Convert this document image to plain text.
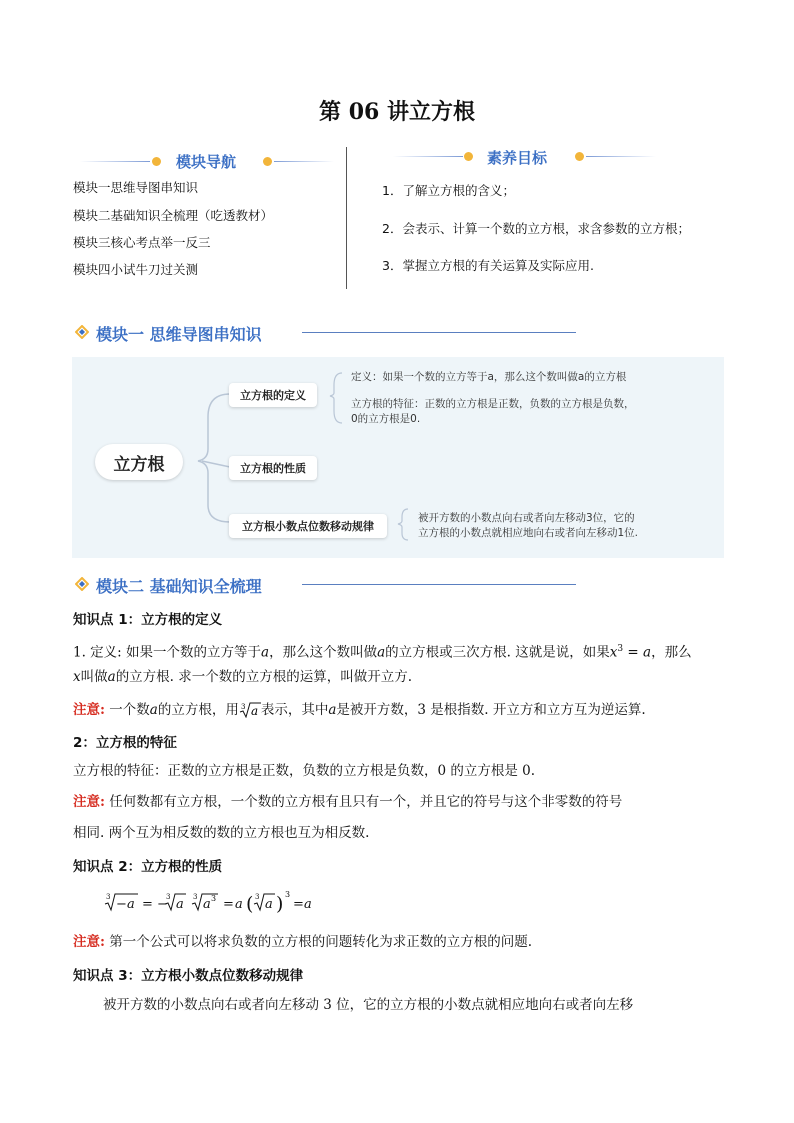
第 06 讲立方根
模块导航
模块一思维导图串知识
模块二基础知识全梳理（吃透教材）
模块三核心考点举一反三
模块四小试牛刀过关测
素养目标
1．了解立方根的含义；
2．会表示、计算一个数的立方根，求含参数的立方根；
3．掌握立方根的有关运算及实际应用.
模块一 思维导图串知识
立方根
立方根的定义
立方根的性质
立方根小数点位数移动规律
定义：如果一个数的立方等于a，那么这个数叫做a的立方根
立方根的特征：正数的立方根是正数，负数的立方根是负数，
0的立方根是0.
被开方数的小数点向右或者向左移动3位，它的
立方根的小数点就相应地向右或者向左移动1位.
模块二 基础知识全梳理
知识点 1：立方根的定义
1. 定义: 如果一个数的立方等于a，那么这个数叫做a的立方根或三次方根. 这就是说，如果$x^3 = a$，那么
x叫做a的立方根. 求一个数的立方根的运算，叫做开立方.
注意: 一个数a的立方根，用 3 a 表示，其中a是被开方数，3 是根指数. 开立方和立方互为逆运算.
2：立方根的特征
立方根的特征：正数的立方根是正数，负数的立方根是负数，0 的立方根是 0.
注意: 任何数都有立方根，一个数的立方根有且只有一个，并且它的符号与这个非零数的符号
相同. 两个互为相反数的数的立方根也互为相反数.
知识点 2：立方根的性质
3 − a = −
3 a 3 a 3 = a ( 3 a ) 3
= a
注意: 第一个公式可以将求负数的立方根的问题转化为求正数的立方根的问题.
知识点 3：立方根小数点位数移动规律
被开方数的小数点向右或者向左移动 3 位，它的立方根的小数点就相应地向右或者向左移
